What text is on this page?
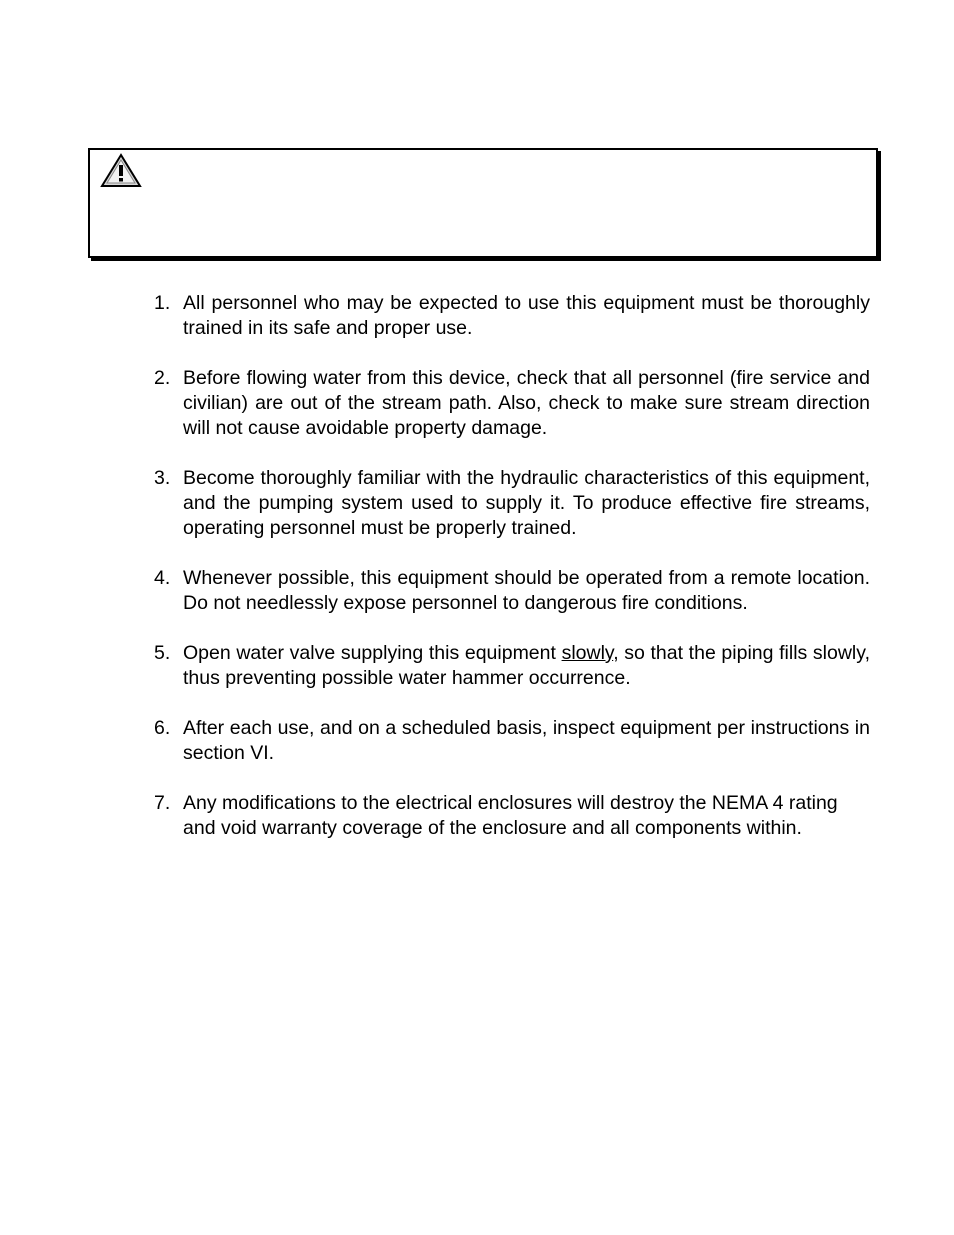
1. All personnel who may be expected to use this equipment must be thoroughly trained in its safe and proper use.
2. Before flowing water from this device, check that all personnel (fire service and civilian) are out of the stream path. Also, check to make sure stream direction will not cause avoidable property damage.
3. Become thoroughly familiar with the hydraulic characteristics of this equipment, and the pumping system used to supply it. To produce effective fire streams, operating personnel must be properly trained.
4. Whenever possible, this equipment should be operated from a remote location. Do not needlessly expose personnel to dangerous fire conditions.
5. Open water valve supplying this equipment slowly, so that the piping fills slowly, thus preventing possible water hammer occurrence.
6. After each use, and on a scheduled basis, inspect equipment per instructions in section VI.
7. Any modifications to the electrical enclosures will destroy the NEMA 4 rating and void warranty coverage of the enclosure and all components within.
